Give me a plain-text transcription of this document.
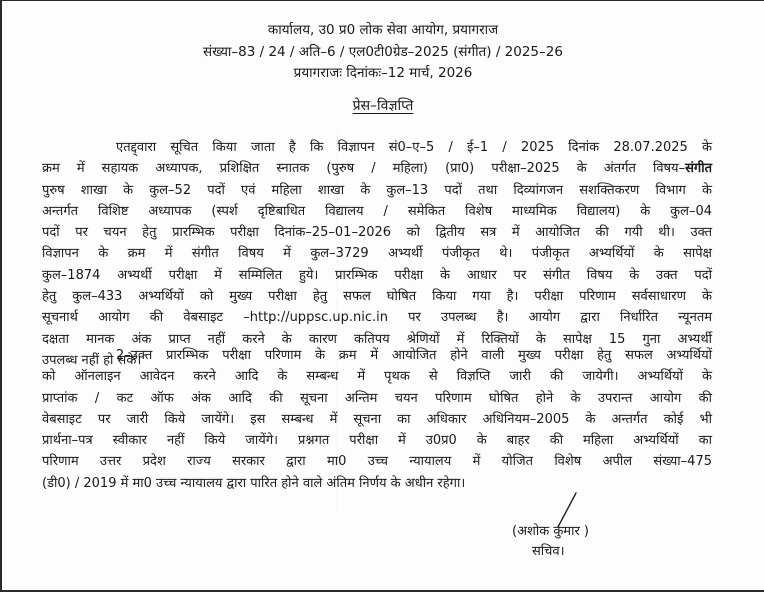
कार्यालय, उ0 प्र0 लोक सेवा आयोग, प्रयागराज
संख्या–83 / 24 / अति–6 / एल0टी0ग्रेड–2025 (संगीत) / 2025–26
प्रयागराजः दिनांकः–12 मार्च, 2026
प्रेस–विज्ञप्ति
एतद्द्वारा सूचित किया जाता है कि विज्ञापन सं0–ए–5 / ई–1 / 2025 दिनांक 28.07.2025 के
क्रम में सहायक अध्यापक, प्रशिक्षित स्नातक (पुरुष / महिला) (प्रा0) परीक्षा–2025 के अंतर्गत विषय–संगीत
पुरुष शाखा के कुल–52 पदों एवं महिला शाखा के कुल–13 पदों तथा दिव्यांगजन सशक्तिकरण विभाग के
अन्तर्गत विशिष्ट अध्यापक (स्पर्श दृष्टिबाधित विद्यालय / समेकित विशेष माध्यमिक विद्यालय) के कुल–04
पदों पर चयन हेतु प्रारम्भिक परीक्षा दिनांक–25–01–2026 को द्वितीय सत्र में आयोजित की गयी थी। उक्त
विज्ञापन के क्रम में संगीत विषय में कुल–3729 अभ्यर्थी पंजीकृत थे। पंजीकृत अभ्यर्थियों के सापेक्ष
कुल–1874 अभ्यर्थी परीक्षा में सम्मिलित हुये। प्रारम्भिक परीक्षा के आधार पर संगीत विषय के उक्त पदों
हेतु कुल–433 अभ्यर्थियों को मुख्य परीक्षा हेतु सफल घोषित किया गया है। परीक्षा परिणाम सर्वसाधारण के
सूचनार्थ आयोग की वेबसाइट –http://uppsc.up.nic.in पर उपलब्ध है। आयोग द्वारा निर्धारित न्यूनतम
दक्षता मानक अंक प्राप्त नहीं करने के कारण कतिपय श्रेणियों में रिक्तियों के सापेक्ष 15 गुना अभ्यर्थी
उपलब्ध नहीं हो सके।
2–उक्त प्रारम्भिक परीक्षा परिणाम के क्रम में आयोजित होने वाली मुख्य परीक्षा हेतु सफल अभ्यर्थियों
को ऑनलाइन आवेदन करने आदि के सम्बन्ध में पृथक से विज्ञप्ति जारी की जायेगी। अभ्यर्थियों के
प्राप्तांक / कट ऑफ अंक आदि की सूचना अन्तिम चयन परिणाम घोषित होने के उपरान्त आयोग की
वेबसाइट पर जारी किये जायेंगे। इस सम्बन्ध में सूचना का अधिकार अधिनियम–2005 के अन्तर्गत कोई भी
प्रार्थना–पत्र स्वीकार नहीं किये जायेंगे। प्रश्नगत परीक्षा में उ0प्र0 के बाहर की महिला अभ्यर्थियों का
परिणाम उत्तर प्रदेश राज्य सरकार द्वारा मा0 उच्च न्यायालय में योजित विशेष अपील संख्या–475
(डी0) / 2019 में मा0 उच्च न्यायालय द्वारा पारित होने वाले अंतिम निर्णय के अधीन रहेगा।
(अशोक कुमार )
सचिव।
